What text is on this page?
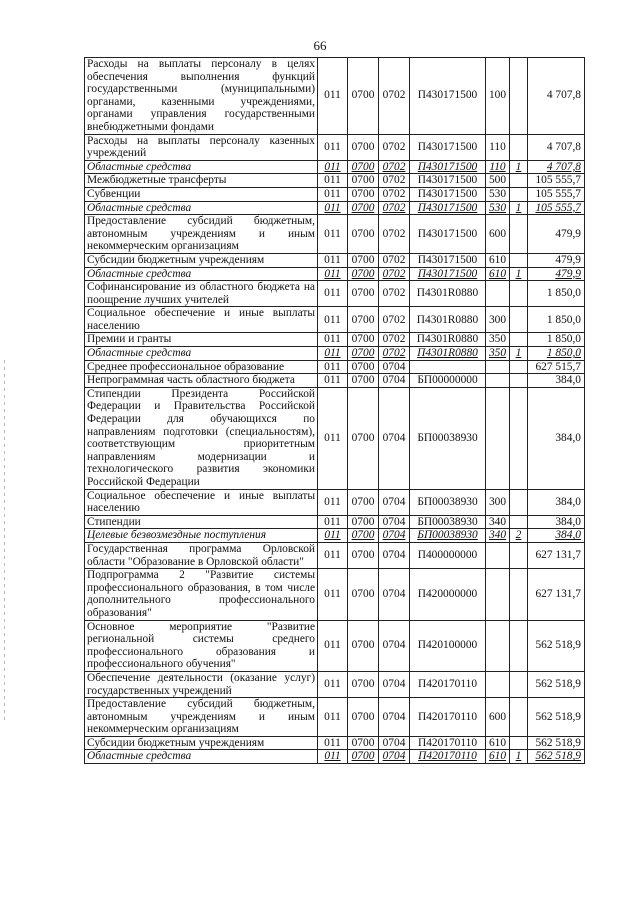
66
Расходы на выплаты персоналу в целях обеспечения выполнения функций государственными (муниципальными) органами, казенными учреждениями, органами управления государственными внебюджетными фондами	011	0700	0702	П430171500	100		4 707,8
Расходы на выплаты персоналу казенных учреждений	011	0700	0702	П430171500	110		4 707,8
Областные средства	011	0700	0702	П430171500	110	1	4 707,8
Межбюджетные трансферты	011	0700	0702	П430171500	500		105 555,7
Субвенции	011	0700	0702	П430171500	530		105 555,7
Областные средства	011	0700	0702	П430171500	530	1	105 555,7
Предоставление субсидий бюджетным, автономным учреждениям и иным некоммерческим организациям	011	0700	0702	П430171500	600		479,9
Субсидии бюджетным учреждениям	011	0700	0702	П430171500	610		479,9
Областные средства	011	0700	0702	П430171500	610	1	479,9
Софинансирование из областного бюджета на поощрение лучших учителей	011	0700	0702	П4301R0880			1 850,0
Социальное обеспечение и иные выплаты населению	011	0700	0702	П4301R0880	300		1 850,0
Премии и гранты	011	0700	0702	П4301R0880	350		1 850,0
Областные средства	011	0700	0702	П4301R0880	350	1	1 850,0
Среднее профессиональное образование	011	0700	0704				627 515,7
Непрограммная часть областного бюджета	011	0700	0704	БП00000000			384,0
Стипендии Президента Российской Федерации и Правительства Российской Федерации для обучающихся по направлениям подготовки (специальностям), соответствующим приоритетным направлениям модернизации и технологического развития экономики Российской Федерации	011	0700	0704	БП00038930			384,0
Социальное обеспечение и иные выплаты населению	011	0700	0704	БП00038930	300		384,0
Стипендии	011	0700	0704	БП00038930	340		384,0
Целевые безвозмездные поступления	011	0700	0704	БП00038930	340	2	384,0
Государственная программа Орловской области "Образование в Орловской области"	011	0700	0704	П400000000			627 131,7
Подпрограмма 2 "Развитие системы профессионального образования, в том числе дополнительного профессионального образования"	011	0700	0704	П420000000			627 131,7
Основное мероприятие "Развитие региональной системы среднего профессионального образования и профессионального обучения"	011	0700	0704	П420100000			562 518,9
Обеспечение деятельности (оказание услуг) государственных учреждений	011	0700	0704	П420170110			562 518,9
Предоставление субсидий бюджетным, автономным учреждениям и иным некоммерческим организациям	011	0700	0704	П420170110	600		562 518,9
Субсидии бюджетным учреждениям	011	0700	0704	П420170110	610		562 518,9
Областные средства	011	0700	0704	П420170110	610	1	562 518,9
